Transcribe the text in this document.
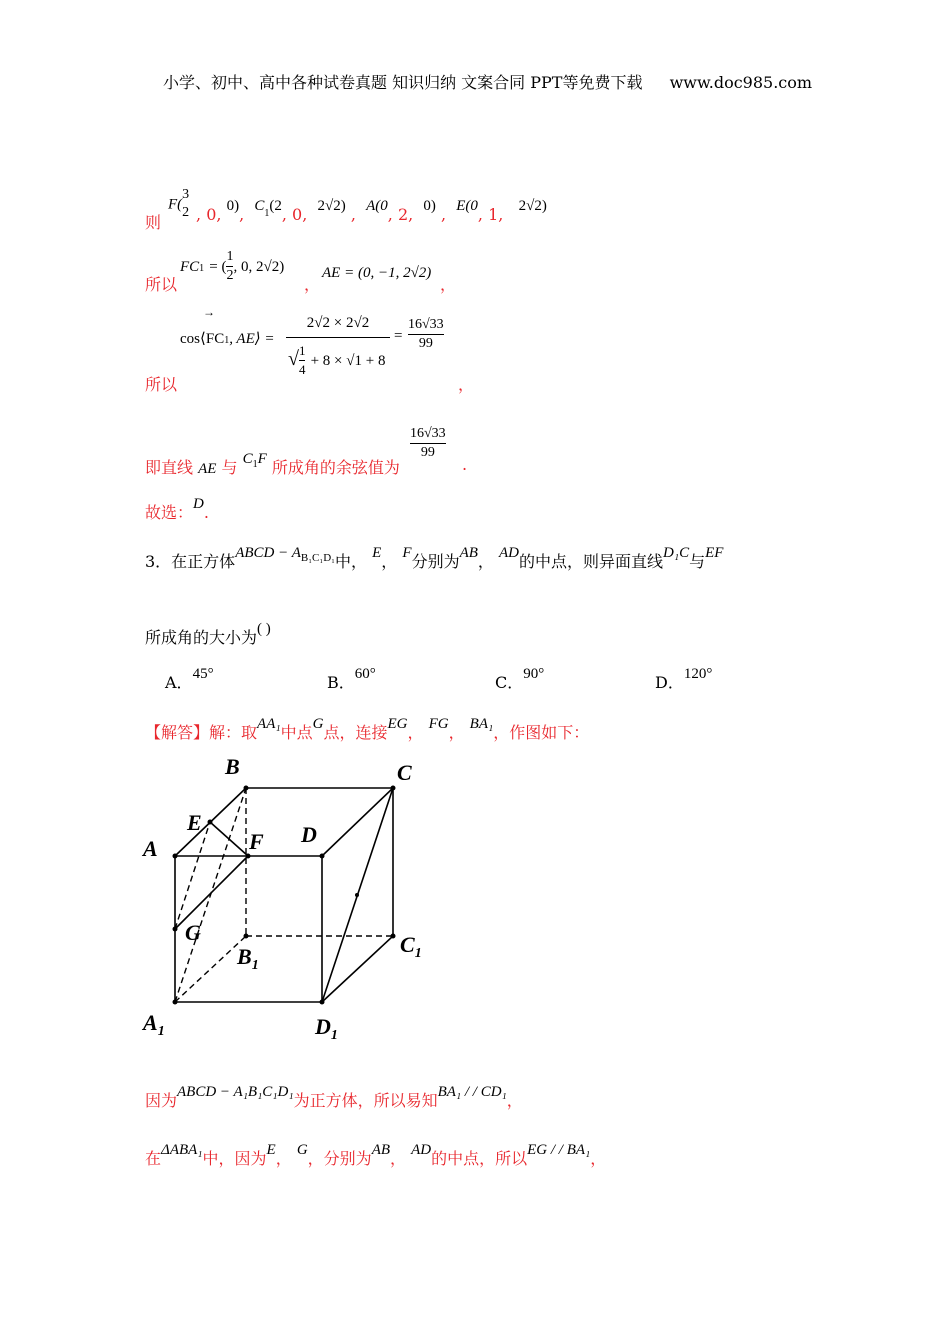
小学、初中、高中各种试卷真题 知识归纳 文案合同 PPT等免费下载 www.doc985.com
则
F(
3
2 , 0, 0), $C^1(2$, 0, 2√2) , A(0, 2, 0) , E(0, 1, 2√2)
所以
FC1 = ( $\frac{1}{2}$ , 0, 2√2)
，
AE = (0, −1, 2√2)
，
→
cos⟨FC1, AE⟩ =
2√2 × 2√2
√ $\frac{1}{4} + 8 \times √1 + 8$
= $\frac{16√33}{99}$
所以	，
即直线 AE 与 $C^1F$ 所成角的余弦值为
$\frac{16√33}{99}$
.
故选：D.
3．在正方体ABCD − $A^{B_1C_1D_1}$中， E， F分别为AB， AD的中点，则异面直线D₁C与EF
所成角的大小为( )
A．45°	B．60°	C．90°	D．120°
【解答】解：取AA₁中点G点，连接EG， FG， BA₁，作图如下：
B	C
E
A	F D
G
$B_1$
$C_1$
$A_1$	$D_1$
因为ABCD − A₁B₁C₁D₁为正方体，所以易知BA₁ / / CD₁，
在ΔABA₁中，因为E， G，分别为AB， AD的中点，所以EG / / BA₁，
